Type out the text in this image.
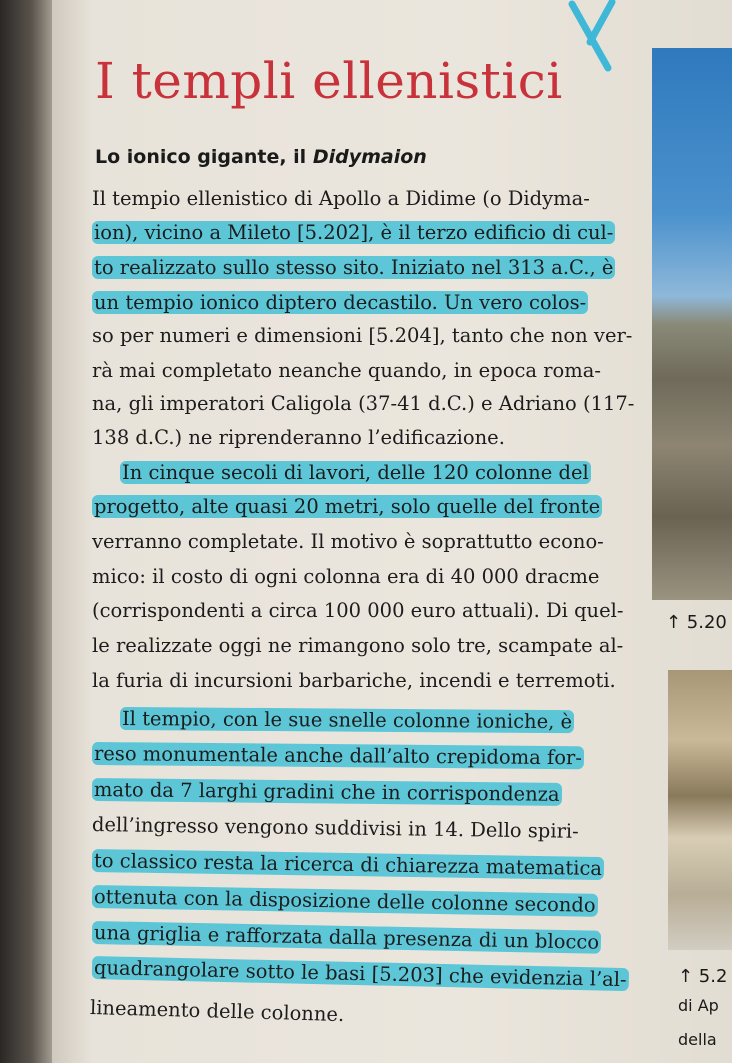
I templi ellenistici
Lo ionico gigante, il Didymaion
Il tempio ellenistico di Apollo a Didime (o Didyma-
ion), vicino a Mileto [5.202], è il terzo edificio di cul-
to realizzato sullo stesso sito. Iniziato nel 313 a.C., è
un tempio ionico diptero decastilo. Un vero colos-
so per numeri e dimensioni [5.204], tanto che non ver-
rà mai completato neanche quando, in epoca roma-
na, gli imperatori Caligola (37-41 d.C.) e Adriano (117-
138 d.C.) ne riprenderanno l’edificazione.
In cinque secoli di lavori, delle 120 colonne del
progetto, alte quasi 20 metri, solo quelle del fronte
verranno completate. Il motivo è soprattutto econo-
mico: il costo di ogni colonna era di 40 000 dracme
(corrispondenti a circa 100 000 euro attuali). Di quel-
le realizzate oggi ne rimangono solo tre, scampate al-
la furia di incursioni barbariche, incendi e terremoti.
Il tempio, con le sue snelle colonne ioniche, è
reso monumentale anche dall’alto crepidoma for-
mato da 7 larghi gradini che in corrispondenza
dell’ingresso vengono suddivisi in 14. Dello spiri-
to classico resta la ricerca di chiarezza matematica
ottenuta con la disposizione delle colonne secondo
una griglia e rafforzata dalla presenza di un blocco
quadrangolare sotto le basi [5.203] che evidenzia l’al-
lineamento delle colonne.
↑ 5.20
↑ 5.2
di Ap
della
